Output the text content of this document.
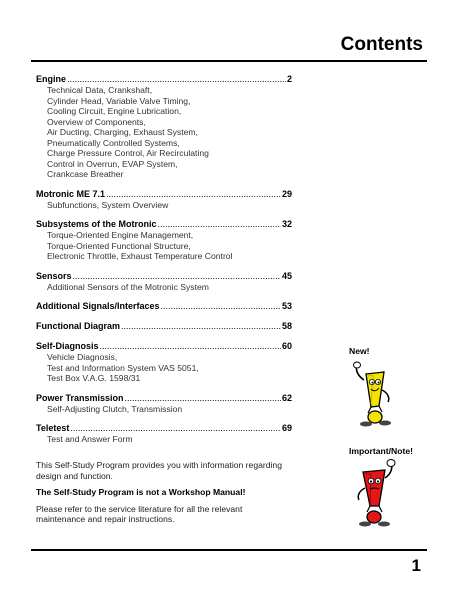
Contents
Engine .....	2
Technical Data, Crankshaft,
Cylinder Head, Variable Valve Timing,
Cooling Circuit, Engine Lubrication,
Overview of Components,
Air Ducting, Charging, Exhaust System,
Pneumatically Controlled Systems,
Charge Pressure Control, Air Recirculating
Control in Overrun, EVAP System,
Crankcase Breather
Motronic ME 7.1 .....	29
Subfunctions, System Overview
Subsystems of the Motronic .....	32
Torque-Oriented Engine Management,
Torque-Oriented Functional Structure,
Electronic Throttle, Exhaust Temperature Control
Sensors .....	45
Additional Sensors of the Motronic System
Additional Signals/Interfaces .....	53
Functional Diagram .....	58
Self-Diagnosis .....	60
Vehicle Diagnosis,
Test and Information System VAS 5051,
Test Box V.A.G. 1598/31
Power Transmission .....	62
Self-Adjusting Clutch, Transmission
Teletest .....	69
Test and Answer Form

This Self-Study Program provides you with information regarding design and function.

The Self-Study Program is not a Workshop Manual!

Please refer to the service literature for all the relevant maintenance and repair instructions.

New!
Important/Note!
1
